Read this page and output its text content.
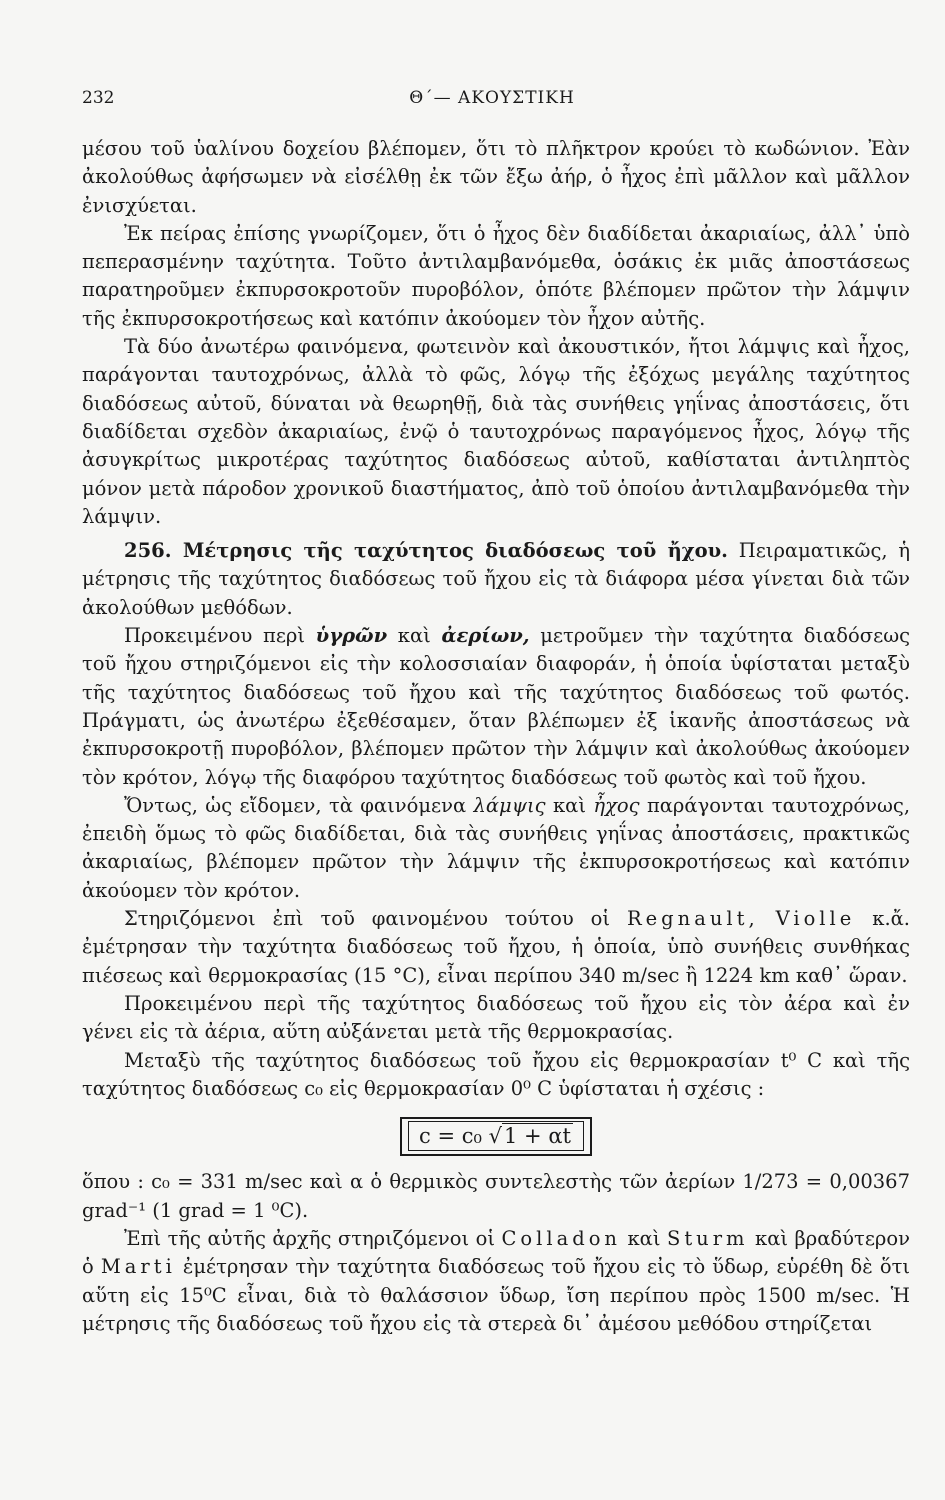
232	Θ΄— ΑΚΟΥΣΤΙΚΗ

μέσου τοῦ ὑαλίνου δοχείου βλέπομεν, ὅτι τὸ πλῆκτρον κρούει τὸ κωδώνιον. Ἐὰν ἀκολούθως ἀφήσωμεν νὰ εἰσέλθῃ ἐκ τῶν ἔξω ἀήρ, ὁ ἦχος ἐπὶ μᾶλλον καὶ μᾶλλον ἐνισχύεται.

Ἐκ πείρας ἐπίσης γνωρίζομεν, ὅτι ὁ ἦχος δὲν διαδίδεται ἀκαριαίως, ἀλλ᾿ ὑπὸ πεπερασμένην ταχύτητα. Τοῦτο ἀντιλαμβανόμεθα, ὁσάκις ἐκ μιᾶς ἀποστάσεως παρατηροῦμεν ἐκπυρσοκροτοῦν πυροβόλον, ὁπότε βλέπομεν πρῶτον τὴν λάμψιν τῆς ἐκπυρσοκροτήσεως καὶ κατόπιν ἀκούομεν τὸν ἦχον αὐτῆς.

Τὰ δύο ἀνωτέρω φαινόμενα, φωτεινὸν καὶ ἀκουστικόν, ἤτοι λάμψις καὶ ἦχος, παράγονται ταυτοχρόνως, ἀλλὰ τὸ φῶς, λόγῳ τῆς ἐξόχως μεγάλης ταχύτητος διαδόσεως αὐτοῦ, δύναται νὰ θεωρηθῇ, διὰ τὰς συνήθεις γηΐνας ἀποστάσεις, ὅτι διαδίδεται σχεδὸν ἀκαριαίως, ἐνῷ ὁ ταυτοχρόνως παραγόμενος ἦχος, λόγῳ τῆς ἀσυγκρίτως μικροτέρας ταχύτητος διαδόσεως αὐτοῦ, καθίσταται ἀντιληπτὸς μόνον μετὰ πάροδον χρονικοῦ διαστήματος, ἀπὸ τοῦ ὁποίου ἀντιλαμβανόμεθα τὴν λάμψιν.

256. Μέτρησις τῆς ταχύτητος διαδόσεως τοῦ ἤχου. Πειραματικῶς, ἡ μέτρησις τῆς ταχύτητος διαδόσεως τοῦ ἤχου εἰς τὰ διάφορα μέσα γίνεται διὰ τῶν ἀκολούθων μεθόδων.

Προκειμένου περὶ ὑγρῶν καὶ ἀερίων, μετροῦμεν τὴν ταχύτητα διαδόσεως τοῦ ἤχου στηριζόμενοι εἰς τὴν κολοσσιαίαν διαφοράν, ἡ ὁποία ὑφίσταται μεταξὺ τῆς ταχύτητος διαδόσεως τοῦ ἤχου καὶ τῆς ταχύτητος διαδόσεως τοῦ φωτός. Πράγματι, ὡς ἀνωτέρω ἐξεθέσαμεν, ὅταν βλέπωμεν ἐξ ἱκανῆς ἀποστάσεως νὰ ἐκπυρσοκροτῇ πυροβόλον, βλέπομεν πρῶτον τὴν λάμψιν καὶ ἀκολούθως ἀκούομεν τὸν κρότον, λόγῳ τῆς διαφόρου ταχύτητος διαδόσεως τοῦ φωτὸς καὶ τοῦ ἤχου.

Ὄντως, ὡς εἴδομεν, τὰ φαινόμενα λάμψις καὶ ἦχος παράγονται ταυτοχρόνως, ἐπειδὴ ὅμως τὸ φῶς διαδίδεται, διὰ τὰς συνήθεις γηΐνας ἀποστάσεις, πρακτικῶς ἀκαριαίως, βλέπομεν πρῶτον τὴν λάμψιν τῆς ἐκπυρσοκροτήσεως καὶ κατόπιν ἀκούομεν τὸν κρότον.

Στηριζόμενοι ἐπὶ τοῦ φαινομένου τούτου οἱ Regnault, Violle κ.ἄ. ἐμέτρησαν τὴν ταχύτητα διαδόσεως τοῦ ἤχου, ἡ ὁποία, ὑπὸ συνήθεις συνθήκας πιέσεως καὶ θερμοκρασίας (15 °C), εἶναι περίπου 340 m/sec ἢ 1224 km καθ᾿ ὥραν.

Προκειμένου περὶ τῆς ταχύτητος διαδόσεως τοῦ ἤχου εἰς τὸν ἀέρα καὶ ἐν γένει εἰς τὰ ἀέρια, αὕτη αὐξάνεται μετὰ τῆς θερμοκρασίας.

Μεταξὺ τῆς ταχύτητος διαδόσεως τοῦ ἤχου εἰς θερμοκρασίαν t⁰ C καὶ τῆς ταχύτητος διαδόσεως c₀ εἰς θερμοκρασίαν 0⁰ C ὑφίσταται ἡ σχέσις :

c = c₀ √1 + αt

ὅπου : c₀ = 331 m/sec καὶ α ὁ θερμικὸς συντελεστὴς τῶν ἀερίων 1/273 = 0,00367 grad⁻¹ (1 grad = 1 ⁰C).

Ἐπὶ τῆς αὐτῆς ἀρχῆς στηριζόμενοι οἱ Colladon καὶ Sturm καὶ βραδύτερον ὁ Marti ἐμέτρησαν τὴν ταχύτητα διαδόσεως τοῦ ἤχου εἰς τὸ ὕδωρ, εὑρέθη δὲ ὅτι αὕτη εἰς 15⁰C εἶναι, διὰ τὸ θαλάσσιον ὕδωρ, ἴση περίπου πρὸς 1500 m/sec. Ἡ μέτρησις τῆς διαδόσεως τοῦ ἤχου εἰς τὰ στερεὰ δι᾿ ἀμέσου μεθόδου στηρίζεται
